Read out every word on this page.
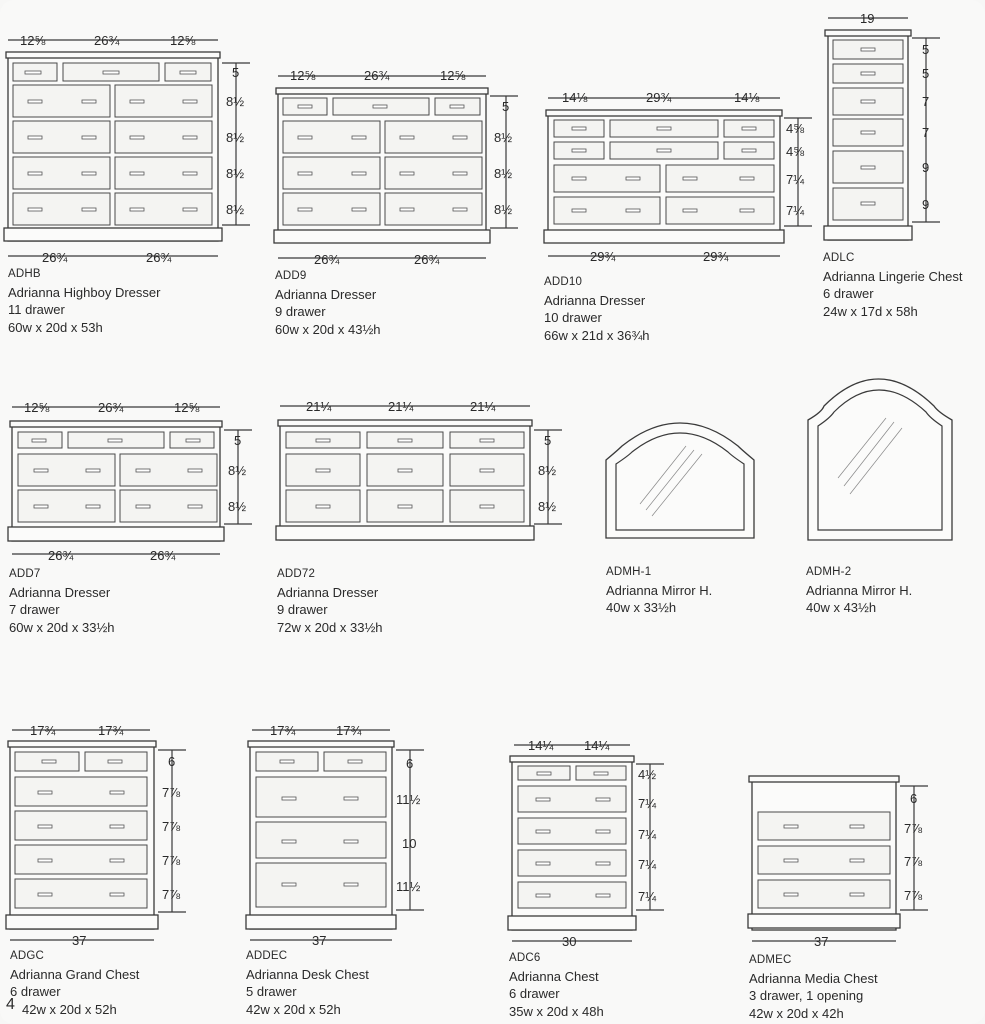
12⅝	26¾	12⅝
26¾	26¾
5
8½
8½
8½
8½
12⅝	26¾	12⅝
26¾	26¾
5
8½
8½
8½
14⅛	29¾	14⅛
29¾	29¾
4⅝
4⅝
7¼
7¼
19
5
5
7
7
9
9
12⅝	26¾	12⅝
26¾	26¾
5
8½
8½
21¼	21¼	21¼
5
8½
8½
17¾	17¾
37
6
7⅞
7⅞
7⅞
7⅞
17¾	17¾
37
6
11½
10
11½
14¼ 14¼
30
4½
7¼
7¼
7¼
7¼
37
6
7⅞
7⅞
7⅞
ADHB
Adrianna Highboy Dresser
11 drawer
60w x 20d x 53h
ADD9
Adrianna Dresser
9 drawer
60w x 20d x 43½h
ADD10
Adrianna Dresser
10 drawer
66w x 21d x 36¾h
ADLC
Adrianna Lingerie Chest
6 drawer
24w x 17d x 58h
ADD7
Adrianna Dresser
7 drawer
60w x 20d x 33½h
ADD72
Adrianna Dresser
9 drawer
72w x 20d x 33½h
ADMH-1
Adrianna Mirror H.
40w x 33½h
ADMH-2
Adrianna Mirror H.
40w x 43½h
ADGC
Adrianna Grand Chest
6 drawer
42w x 20d x 52h
ADDEC
Adrianna Desk Chest
5 drawer
42w x 20d x 52h
ADC6
Adrianna Chest
6 drawer
35w x 20d x 48h
ADMEC
Adrianna Media Chest
3 drawer, 1 opening
42w x 20d x 42h
4
